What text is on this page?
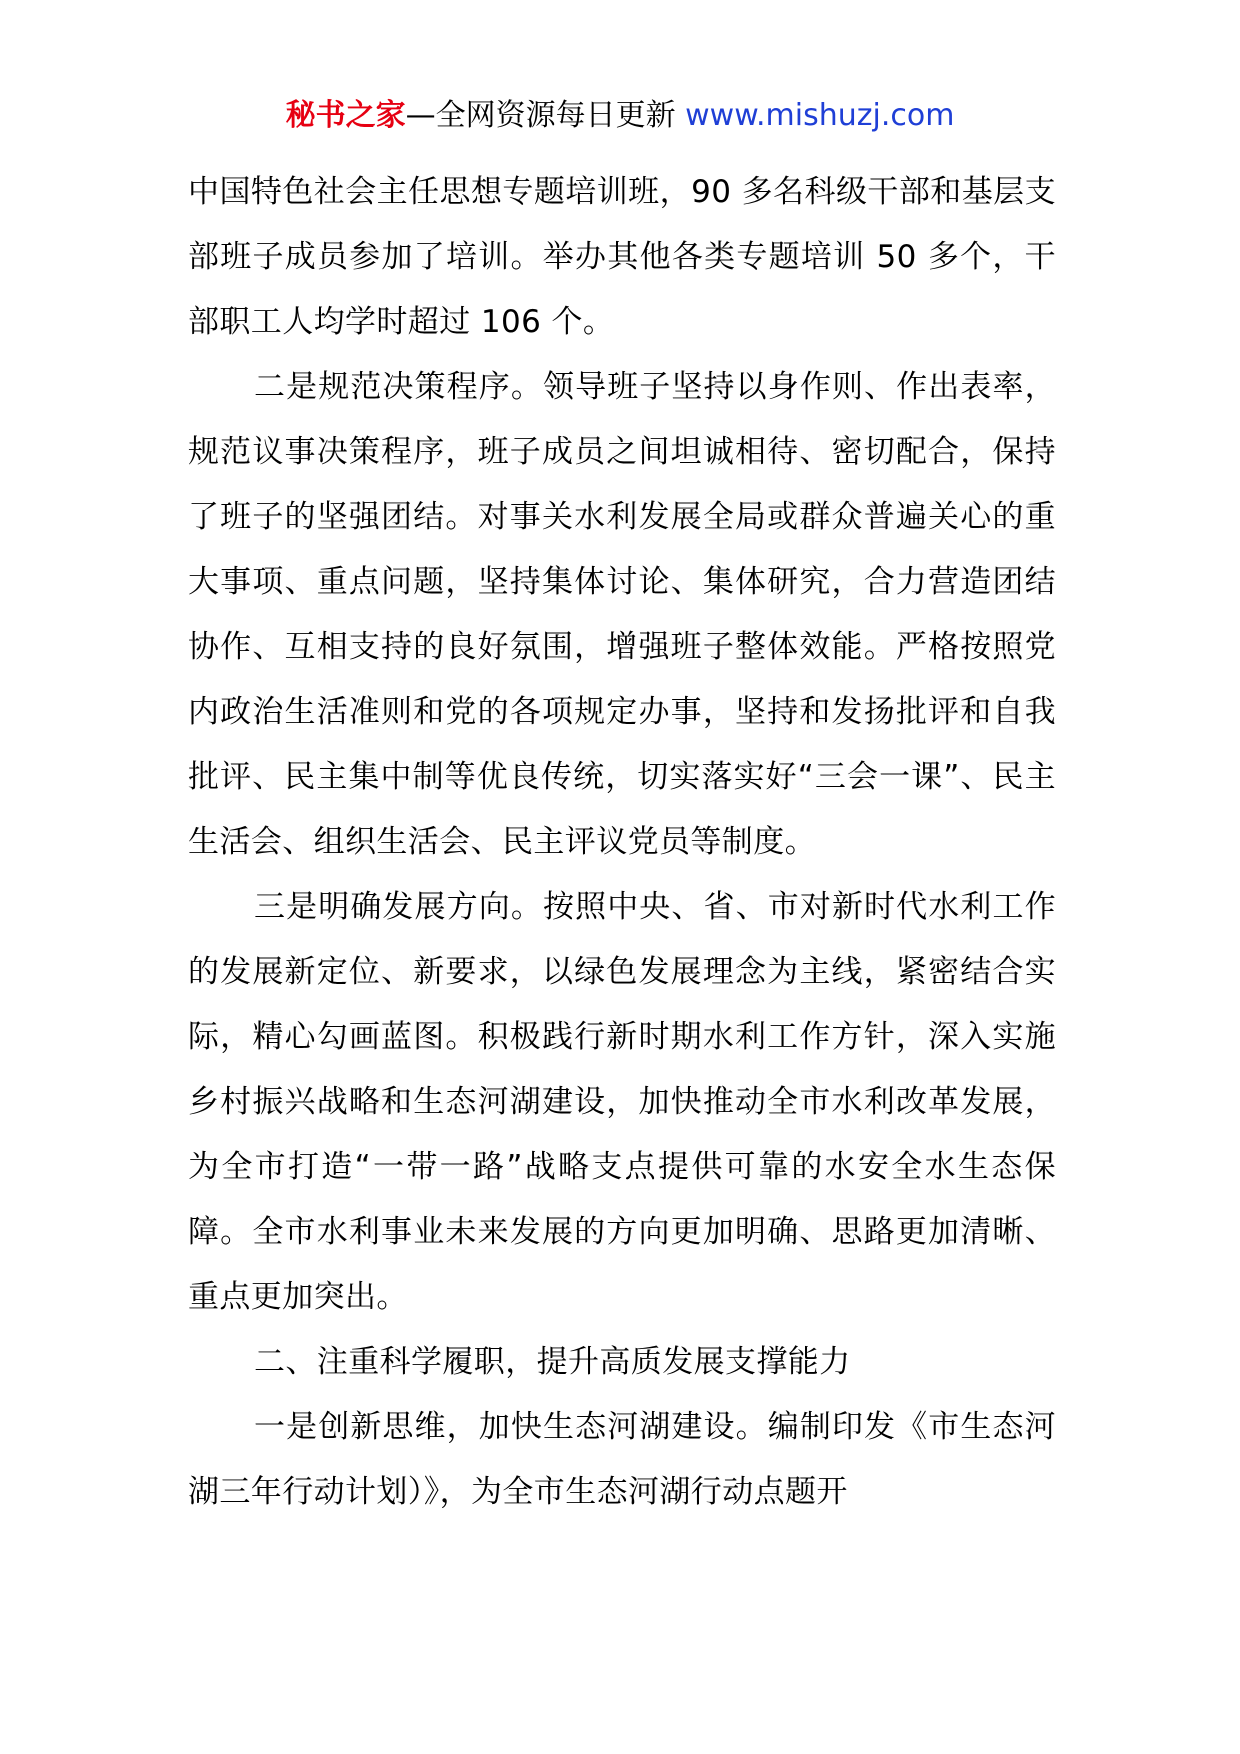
秘书之家—全网资源每日更新 www.mishuzj.com

中国特色社会主任思想专题培训班，90 多名科级干部和基层支部班子成员参加了培训。举办其他各类专题培训 50 多个，干部职工人均学时超过 106 个。

二是规范决策程序。领导班子坚持以身作则、作出表率，规范议事决策程序，班子成员之间坦诚相待、密切配合，保持了班子的坚强团结。对事关水利发展全局或群众普遍关心的重大事项、重点问题，坚持集体讨论、集体研究，合力营造团结协作、互相支持的良好氛围，增强班子整体效能。严格按照党内政治生活准则和党的各项规定办事，坚持和发扬批评和自我批评、民主集中制等优良传统，切实落实好“三会一课”、民主生活会、组织生活会、民主评议党员等制度。

三是明确发展方向。按照中央、省、市对新时代水利工作的发展新定位、新要求，以绿色发展理念为主线，紧密结合实际，精心勾画蓝图。积极践行新时期水利工作方针，深入实施乡村振兴战略和生态河湖建设，加快推动全市水利改革发展，为全市打造“一带一路”战略支点提供可靠的水安全水生态保障。全市水利事业未来发展的方向更加明确、思路更加清晰、重点更加突出。

二、注重科学履职，提升高质发展支撑能力

一是创新思维，加快生态河湖建设。编制印发《市生态河湖三年行动计划）》，为全市生态河湖行动点题开
